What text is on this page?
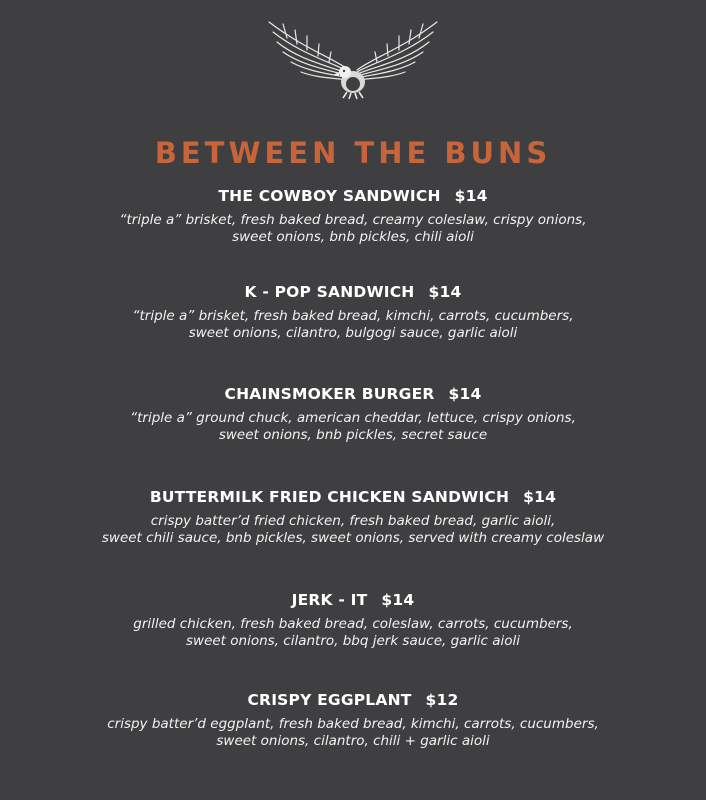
BETWEEN THE BUNS
THE COWBOY SANDWICH $14
“triple a” brisket, fresh baked bread, creamy coleslaw, crispy onions,
sweet onions, bnb pickles, chili aioli
K - POP SANDWICH $14
“triple a” brisket, fresh baked bread, kimchi, carrots, cucumbers,
sweet onions, cilantro, bulgogi sauce, garlic aioli
CHAINSMOKER BURGER $14
“triple a” ground chuck, american cheddar, lettuce, crispy onions,
sweet onions, bnb pickles, secret sauce
BUTTERMILK FRIED CHICKEN SANDWICH $14
crispy batter’d fried chicken, fresh baked bread, garlic aioli,
sweet chili sauce, bnb pickles, sweet onions, served with creamy coleslaw
JERK - IT $14
grilled chicken, fresh baked bread, coleslaw, carrots, cucumbers,
sweet onions, cilantro, bbq jerk sauce, garlic aioli
CRISPY EGGPLANT $12
crispy batter’d eggplant, fresh baked bread, kimchi, carrots, cucumbers,
sweet onions, cilantro, chili + garlic aioli
